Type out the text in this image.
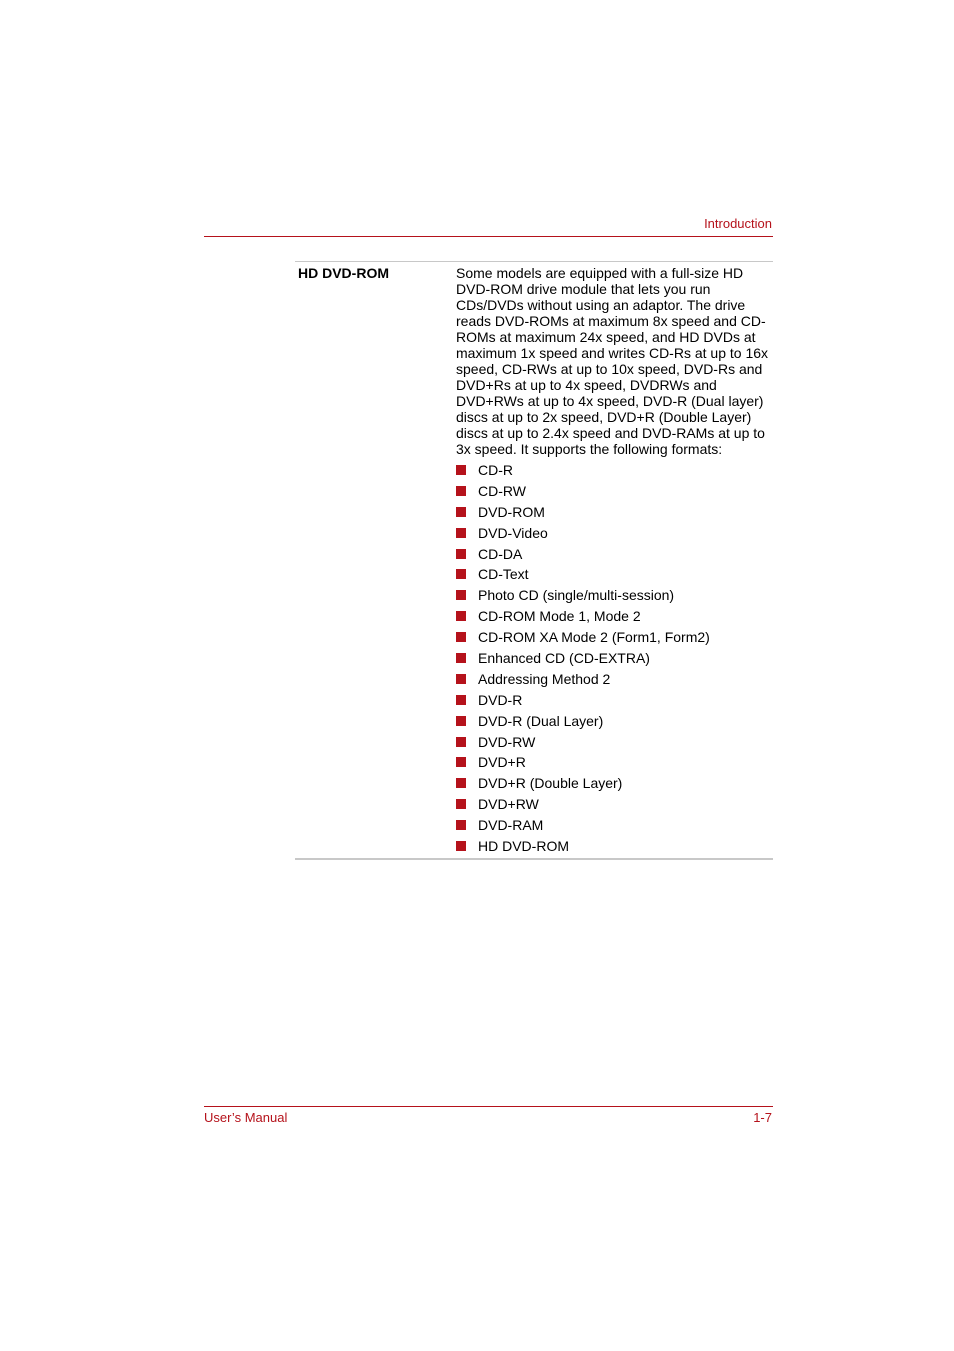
Introduction
HD DVD-ROM	Some models are equipped with a full-size HD DVD-ROM drive module that lets you run CDs/DVDs without using an adaptor. The drive reads DVD-ROMs at maximum 8x speed and CD-ROMs at maximum 24x speed, and HD DVDs at maximum 1x speed and writes CD-Rs at up to 16x speed, CD-RWs at up to 10x speed, DVD-Rs and DVD+Rs at up to 4x speed, DVDRWs and DVD+RWs at up to 4x speed, DVD-R (Dual layer) discs at up to 2x speed, DVD+R (Double Layer) discs at up to 2.4x speed and DVD-RAMs at up to 3x speed. It supports the following formats:

CD-R
CD-RW
DVD-ROM
DVD-Video
CD-DA
CD-Text
Photo CD (single/multi-session)
CD-ROM Mode 1, Mode 2
CD-ROM XA Mode 2 (Form1, Form2)
Enhanced CD (CD-EXTRA)
Addressing Method 2
DVD-R
DVD-R (Dual Layer)
DVD-RW
DVD+R
DVD+R (Double Layer)
DVD+RW
DVD-RAM
HD DVD-ROM
User’s Manual	1-7
